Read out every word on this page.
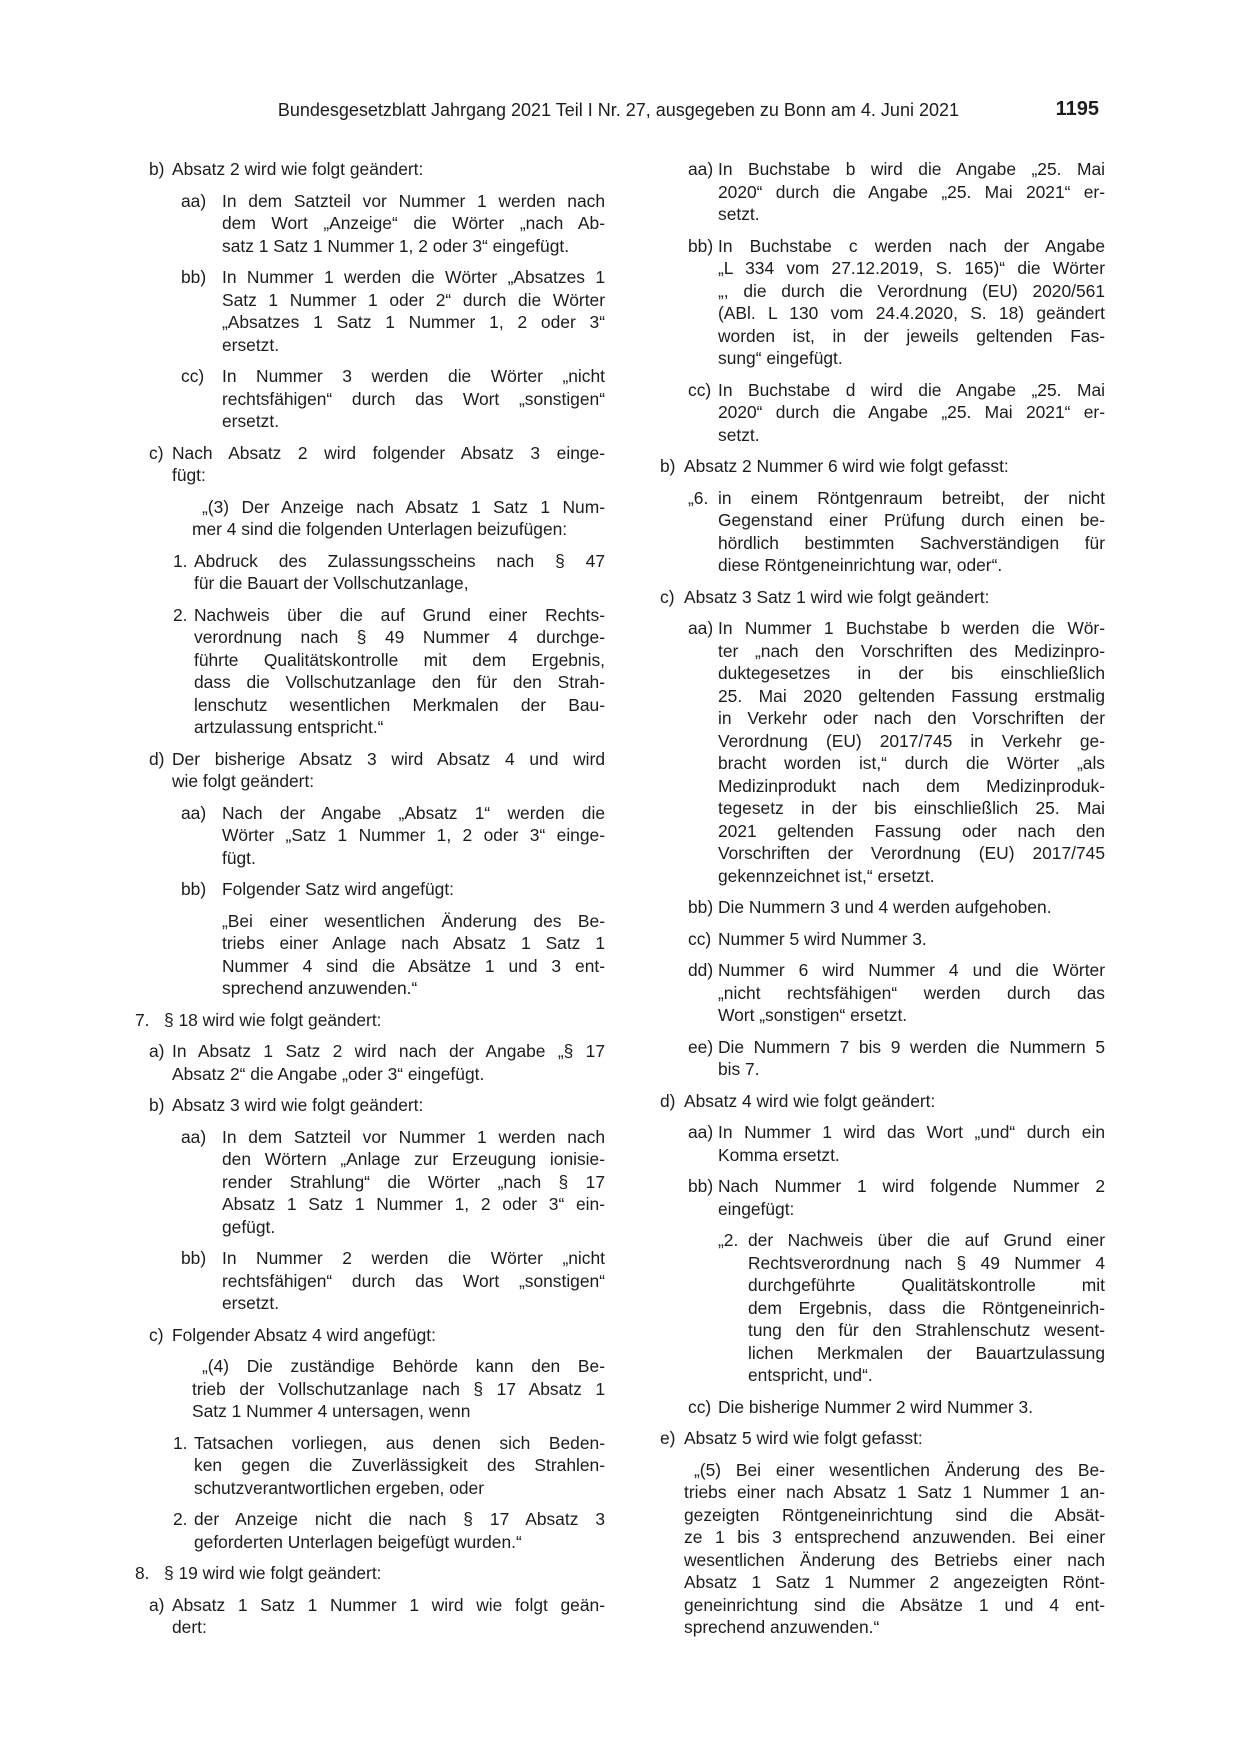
Bundesgesetzblatt Jahrgang 2021 Teil I Nr. 27, ausgegeben zu Bonn am 4. Juni 2021	1195
b) Absatz 2 wird wie folgt geändert:
aa) In dem Satzteil vor Nummer 1 werden nach
dem Wort „Anzeige“ die Wörter „nach Ab-
satz 1 Satz 1 Nummer 1, 2 oder 3“ eingefügt.
bb) In Nummer 1 werden die Wörter „Absatzes 1
Satz 1 Nummer 1 oder 2“ durch die Wörter
„Absatzes 1 Satz 1 Nummer 1, 2 oder 3“
ersetzt.
cc) In Nummer 3 werden die Wörter „nicht
rechtsfähigen“ durch das Wort „sonstigen“
ersetzt.
c) Nach Absatz 2 wird folgender Absatz 3 einge-
fügt:
„(3) Der Anzeige nach Absatz 1 Satz 1 Num-
mer 4 sind die folgenden Unterlagen beizufügen:
1. Abdruck des Zulassungsscheins nach § 47
für die Bauart der Vollschutzanlage,
2. Nachweis über die auf Grund einer Rechts-
verordnung nach § 49 Nummer 4 durchge-
führte Qualitätskontrolle mit dem Ergebnis,
dass die Vollschutzanlage den für den Strah-
lenschutz wesentlichen Merkmalen der Bau-
artzulassung entspricht.“
d) Der bisherige Absatz 3 wird Absatz 4 und wird
wie folgt geändert:
aa) Nach der Angabe „Absatz 1“ werden die
Wörter „Satz 1 Nummer 1, 2 oder 3“ einge-
fügt.
bb) Folgender Satz wird angefügt:
„Bei einer wesentlichen Änderung des Be-
triebs einer Anlage nach Absatz 1 Satz 1
Nummer 4 sind die Absätze 1 und 3 ent-
sprechend anzuwenden.“
7. § 18 wird wie folgt geändert:
a) In Absatz 1 Satz 2 wird nach der Angabe „§ 17
Absatz 2“ die Angabe „oder 3“ eingefügt.
b) Absatz 3 wird wie folgt geändert:
aa) In dem Satzteil vor Nummer 1 werden nach
den Wörtern „Anlage zur Erzeugung ionisie-
render Strahlung“ die Wörter „nach § 17
Absatz 1 Satz 1 Nummer 1, 2 oder 3“ ein-
gefügt.
bb) In Nummer 2 werden die Wörter „nicht
rechtsfähigen“ durch das Wort „sonstigen“
ersetzt.
c) Folgender Absatz 4 wird angefügt:
„(4) Die zuständige Behörde kann den Be-
trieb der Vollschutzanlage nach § 17 Absatz 1
Satz 1 Nummer 4 untersagen, wenn
1. Tatsachen vorliegen, aus denen sich Beden-
ken gegen die Zuverlässigkeit des Strahlen-
schutzverantwortlichen ergeben, oder
2. der Anzeige nicht die nach § 17 Absatz 3
geforderten Unterlagen beigefügt wurden.“
8. § 19 wird wie folgt geändert:
a) Absatz 1 Satz 1 Nummer 1 wird wie folgt geän-
dert:
aa) In Buchstabe b wird die Angabe „25. Mai
2020“ durch die Angabe „25. Mai 2021“ er-
setzt.
bb) In Buchstabe c werden nach der Angabe
„L 334 vom 27.12.2019, S. 165)“ die Wörter
„, die durch die Verordnung (EU) 2020/561
(ABl. L 130 vom 24.4.2020, S. 18) geändert
worden ist, in der jeweils geltenden Fas-
sung“ eingefügt.
cc) In Buchstabe d wird die Angabe „25. Mai
2020“ durch die Angabe „25. Mai 2021“ er-
setzt.
b) Absatz 2 Nummer 6 wird wie folgt gefasst:
„6. in einem Röntgenraum betreibt, der nicht
Gegenstand einer Prüfung durch einen be-
hördlich bestimmten Sachverständigen für
diese Röntgeneinrichtung war, oder“.
c) Absatz 3 Satz 1 wird wie folgt geändert:
aa) In Nummer 1 Buchstabe b werden die Wör-
ter „nach den Vorschriften des Medizinpro-
duktegesetzes in der bis einschließlich
25. Mai 2020 geltenden Fassung erstmalig
in Verkehr oder nach den Vorschriften der
Verordnung (EU) 2017/745 in Verkehr ge-
bracht worden ist,“ durch die Wörter „als
Medizinprodukt nach dem Medizinproduk-
tegesetz in der bis einschließlich 25. Mai
2021 geltenden Fassung oder nach den
Vorschriften der Verordnung (EU) 2017/745
gekennzeichnet ist,“ ersetzt.
bb) Die Nummern 3 und 4 werden aufgehoben.
cc) Nummer 5 wird Nummer 3.
dd) Nummer 6 wird Nummer 4 und die Wörter
„nicht rechtsfähigen“ werden durch das
Wort „sonstigen“ ersetzt.
ee) Die Nummern 7 bis 9 werden die Nummern 5
bis 7.
d) Absatz 4 wird wie folgt geändert:
aa) In Nummer 1 wird das Wort „und“ durch ein
Komma ersetzt.
bb) Nach Nummer 1 wird folgende Nummer 2
eingefügt:
„2. der Nachweis über die auf Grund einer
Rechtsverordnung nach § 49 Nummer 4
durchgeführte Qualitätskontrolle mit
dem Ergebnis, dass die Röntgeneinrich-
tung den für den Strahlenschutz wesent-
lichen Merkmalen der Bauartzulassung
entspricht, und“.
cc) Die bisherige Nummer 2 wird Nummer 3.
e) Absatz 5 wird wie folgt gefasst:
„(5) Bei einer wesentlichen Änderung des Be-
triebs einer nach Absatz 1 Satz 1 Nummer 1 an-
gezeigten Röntgeneinrichtung sind die Absät-
ze 1 bis 3 entsprechend anzuwenden. Bei einer
wesentlichen Änderung des Betriebs einer nach
Absatz 1 Satz 1 Nummer 2 angezeigten Rönt-
geneinrichtung sind die Absätze 1 und 4 ent-
sprechend anzuwenden.“
